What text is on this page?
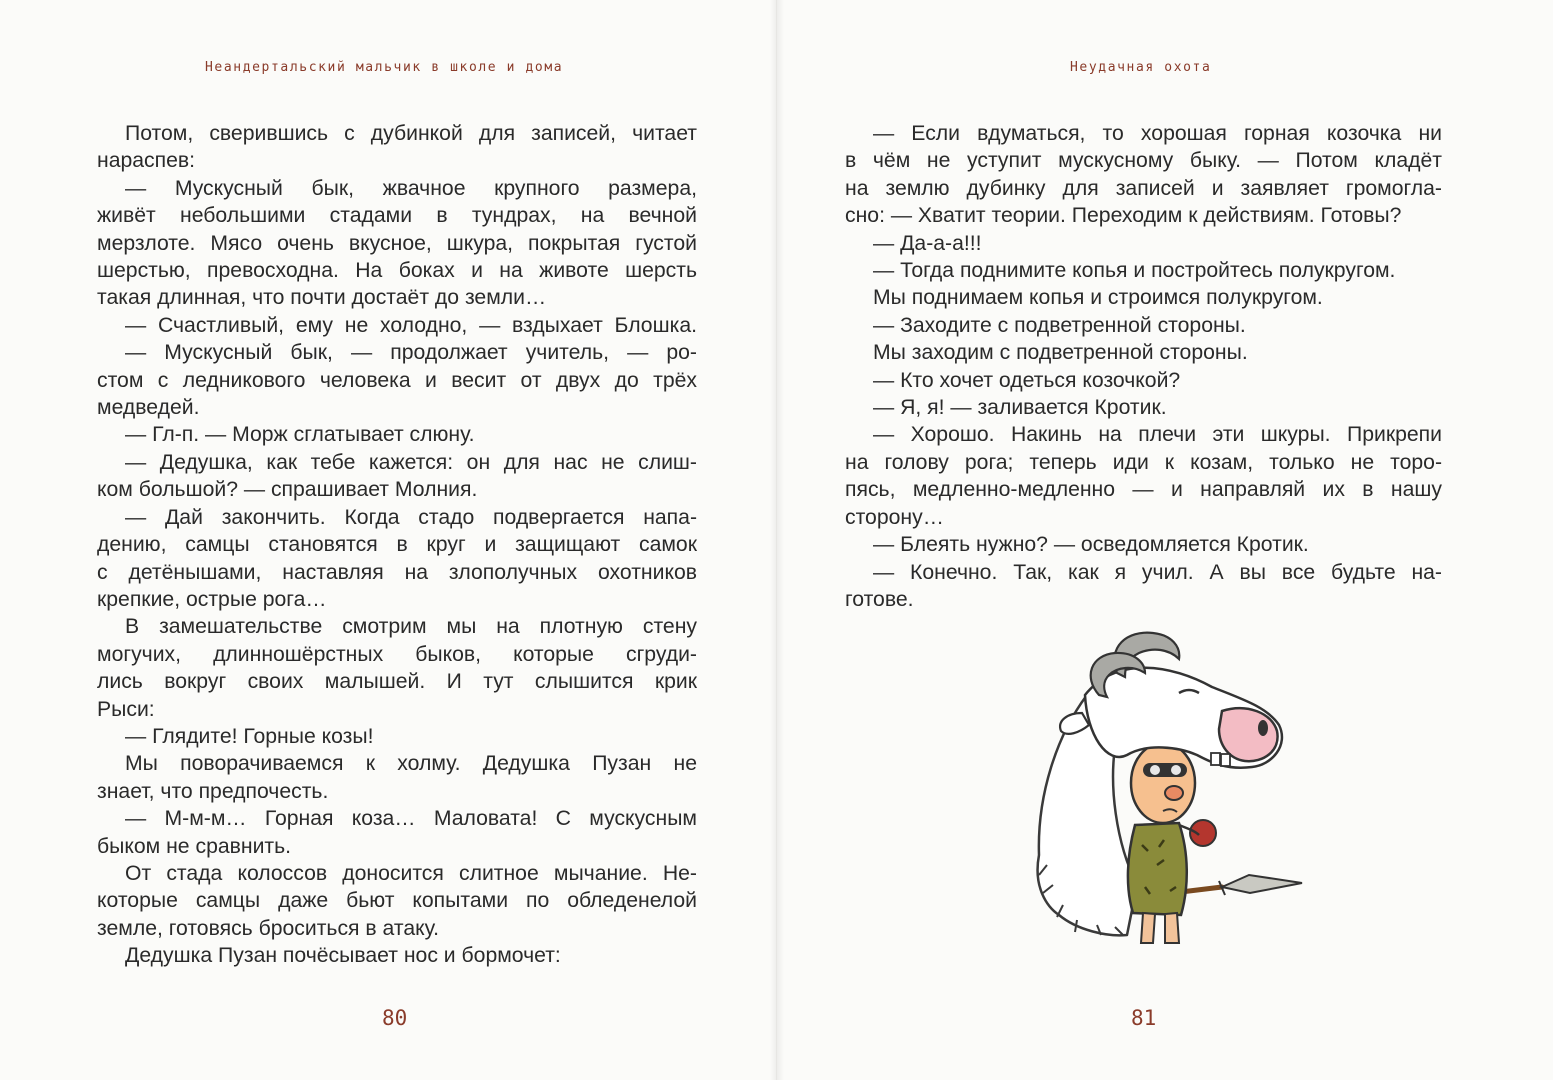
Неандертальский мальчик в школе и дома

Потом, сверившись с дубинкой для записей, читает

нараспев:

— Мускусный бык, жвачное крупного размера,

живёт небольшими стадами в тундрах, на вечной

мерзлоте. Мясо очень вкусное, шкура, покрытая густой

шерстью, превосходна. На боках и на животе шерсть

такая длинная, что почти достаёт до земли…

— Счастливый, ему не холодно, — вздыхает Блошка.

— Мускусный бык, — продолжает учитель, — ро-

стом с ледникового человека и весит от двух до трёх

медведей.

— Гл-п. — Морж сглатывает слюну.

— Дедушка, как тебе кажется: он для нас не слиш-

ком большой? — спрашивает Молния.

— Дай закончить. Когда стадо подвергается напа-

дению, самцы становятся в круг и защищают самок

с детёнышами, наставляя на злополучных охотников

крепкие, острые рога…

В замешательстве смотрим мы на плотную стену

могучих, длинношёрстных быков, которые сгруди-

лись вокруг своих малышей. И тут слышится крик

Рыси:

— Глядите! Горные козы!

Мы поворачиваемся к холму. Дедушка Пузан не

знает, что предпочесть.

— М-м-м… Горная коза… Маловата! С мускусным

быком не сравнить.

От стада колоссов доносится слитное мычание. Не-

которые самцы даже бьют копытами по обледенелой

земле, готовясь броситься в атаку.

Дедушка Пузан почёсывает нос и бормочет:

80
Неудачная охота

— Если вдуматься, то хорошая горная козочка ни

в чём не уступит мускусному быку. — Потом кладёт

на землю дубинку для записей и заявляет громогла-

сно: — Хватит теории. Переходим к действиям. Готовы?

— Да-а-а!!!

— Тогда поднимите копья и постройтесь полукругом.

Мы поднимаем копья и строимся полукругом.

— Заходите с подветренной стороны.

Мы заходим с подветренной стороны.

— Кто хочет одеться козочкой?

— Я, я! — заливается Кротик.

— Хорошо. Накинь на плечи эти шкуры. Прикрепи

на голову рога; теперь иди к козам, только не торо-

пясь, медленно-медленно — и направляй их в нашу

сторону…

— Блеять нужно? — осведомляется Кротик.

— Конечно. Так, как я учил. А вы все будьте на-

готове.

81
